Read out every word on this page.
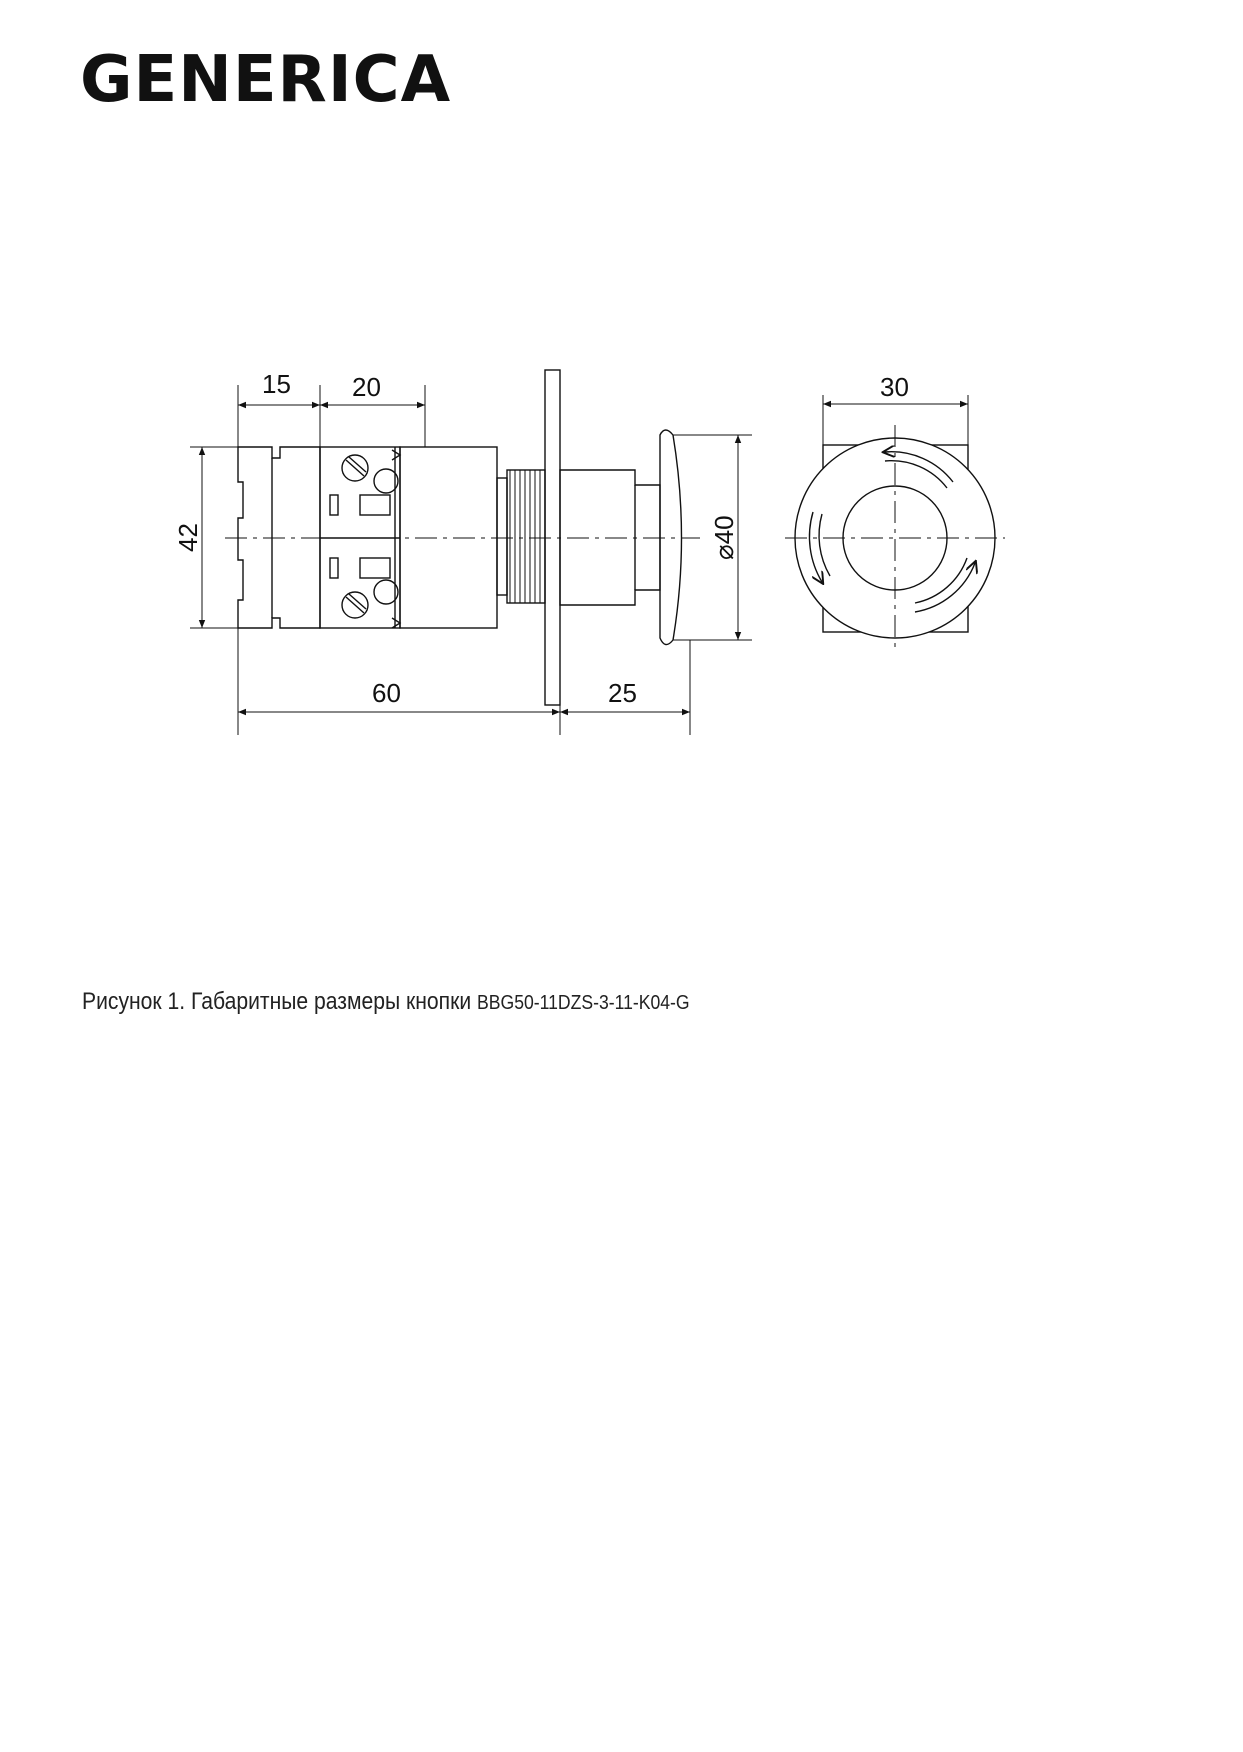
GENERICA
15 20
42
60	25
⌀40
30
Рисунок 1. Габаритные размеры кнопки BBG50-11DZS-3-11-K04-G
